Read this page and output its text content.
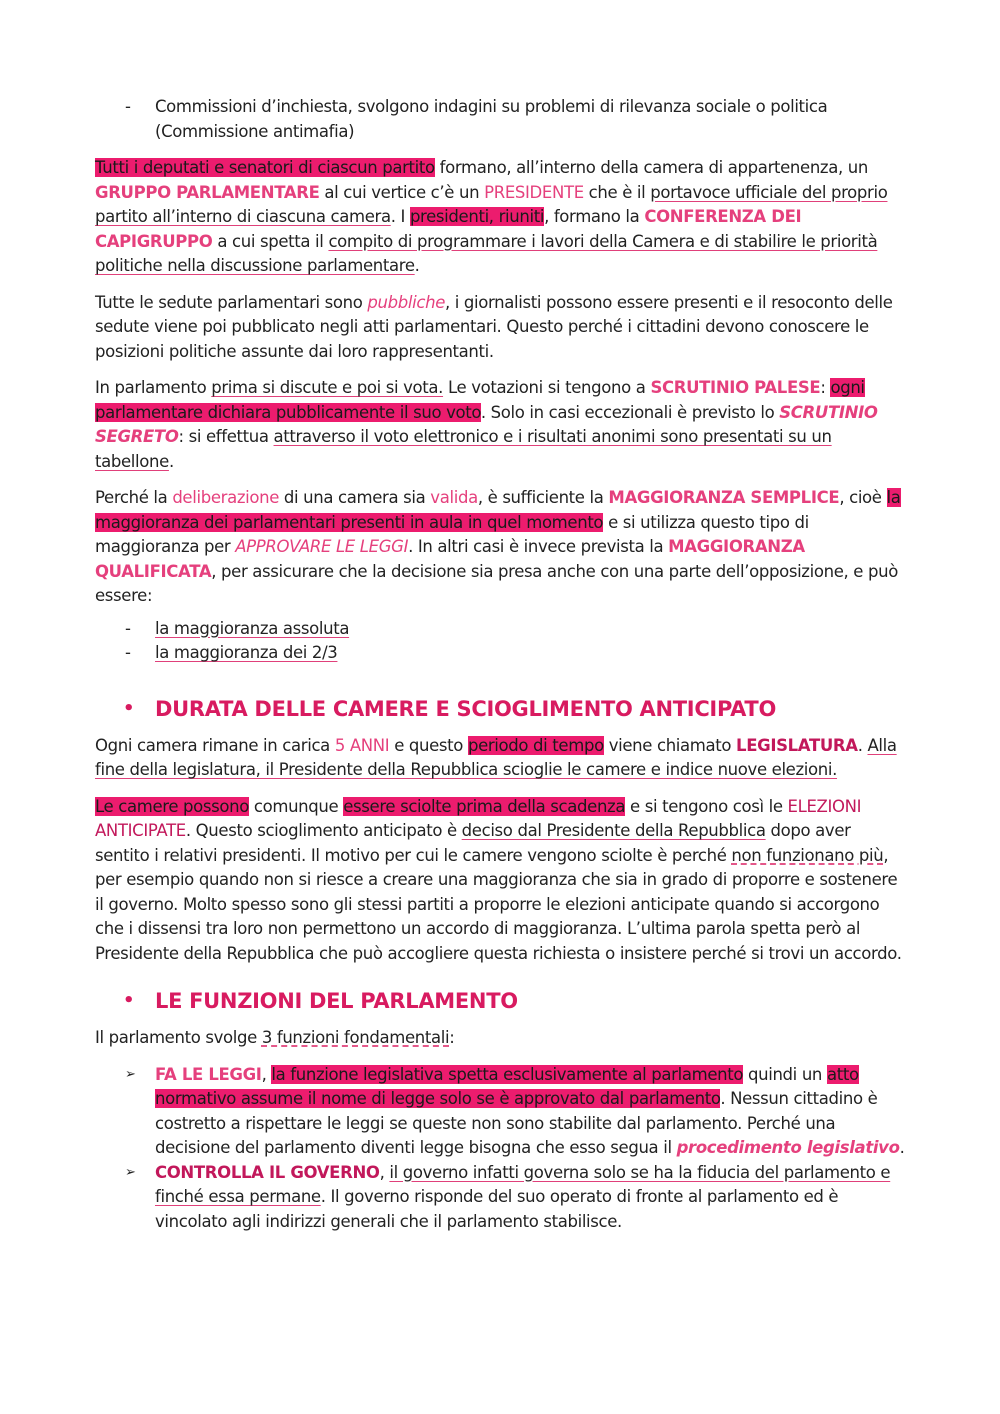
- Commissioni d’inchiesta, svolgono indagini su problemi di rilevanza sociale o politica (Commissione antimafia)

Tutti i deputati e senatori di ciascun partito formano, all’interno della camera di appartenenza, un GRUPPO PARLAMENTARE al cui vertice c’è un PRESIDENTE che è il portavoce ufficiale del proprio partito all’interno di ciascuna camera. I presidenti, riuniti, formano la CONFERENZA DEI CAPIGRUPPO a cui spetta il compito di programmare i lavori della Camera e di stabilire le priorità politiche nella discussione parlamentare.

Tutte le sedute parlamentari sono pubbliche, i giornalisti possono essere presenti e il resoconto delle sedute viene poi pubblicato negli atti parlamentari. Questo perché i cittadini devono conoscere le posizioni politiche assunte dai loro rappresentanti.

In parlamento prima si discute e poi si vota. Le votazioni si tengono a SCRUTINIO PALESE: ogni parlamentare dichiara pubblicamente il suo voto. Solo in casi eccezionali è previsto lo SCRUTINIO SEGRETO: si effettua attraverso il voto elettronico e i risultati anonimi sono presentati su un tabellone.

Perché la deliberazione di una camera sia valida, è sufficiente la MAGGIORANZA SEMPLICE, cioè la maggioranza dei parlamentari presenti in aula in quel momento e si utilizza questo tipo di maggioranza per APPROVARE LE LEGGI. In altri casi è invece prevista la MAGGIORANZA QUALIFICATA, per assicurare che la decisione sia presa anche con una parte dell’opposizione, e può essere:

- la maggioranza assoluta
- la maggioranza dei 2/3
• DURATA DELLE CAMERE E SCIOGLIMENTO ANTICIPATO

Ogni camera rimane in carica 5 ANNI e questo periodo di tempo viene chiamato LEGISLATURA. Alla fine della legislatura, il Presidente della Repubblica scioglie le camere e indice nuove elezioni.

Le camere possono comunque essere sciolte prima della scadenza e si tengono così le ELEZIONI ANTICIPATE. Questo scioglimento anticipato è deciso dal Presidente della Repubblica dopo aver sentito i relativi presidenti. Il motivo per cui le camere vengono sciolte è perché non funzionano più, per esempio quando non si riesce a creare una maggioranza che sia in grado di proporre e sostenere il governo. Molto spesso sono gli stessi partiti a proporre le elezioni anticipate quando si accorgono che i dissensi tra loro non permettono un accordo di maggioranza. L’ultima parola spetta però al Presidente della Repubblica che può accogliere questa richiesta o insistere perché si trovi un accordo.

• LE FUNZIONI DEL PARLAMENTO

Il parlamento svolge 3 funzioni fondamentali:

➢ FA LE LEGGI, la funzione legislativa spetta esclusivamente al parlamento quindi un atto normativo assume il nome di legge solo se è approvato dal parlamento. Nessun cittadino è costretto a rispettare le leggi se queste non sono stabilite dal parlamento. Perché una decisione del parlamento diventi legge bisogna che esso segua il procedimento legislativo.
➢ CONTROLLA IL GOVERNO, il governo infatti governa solo se ha la fiducia del parlamento e finché essa permane. Il governo risponde del suo operato di fronte al parlamento ed è vincolato agli indirizzi generali che il parlamento stabilisce.
